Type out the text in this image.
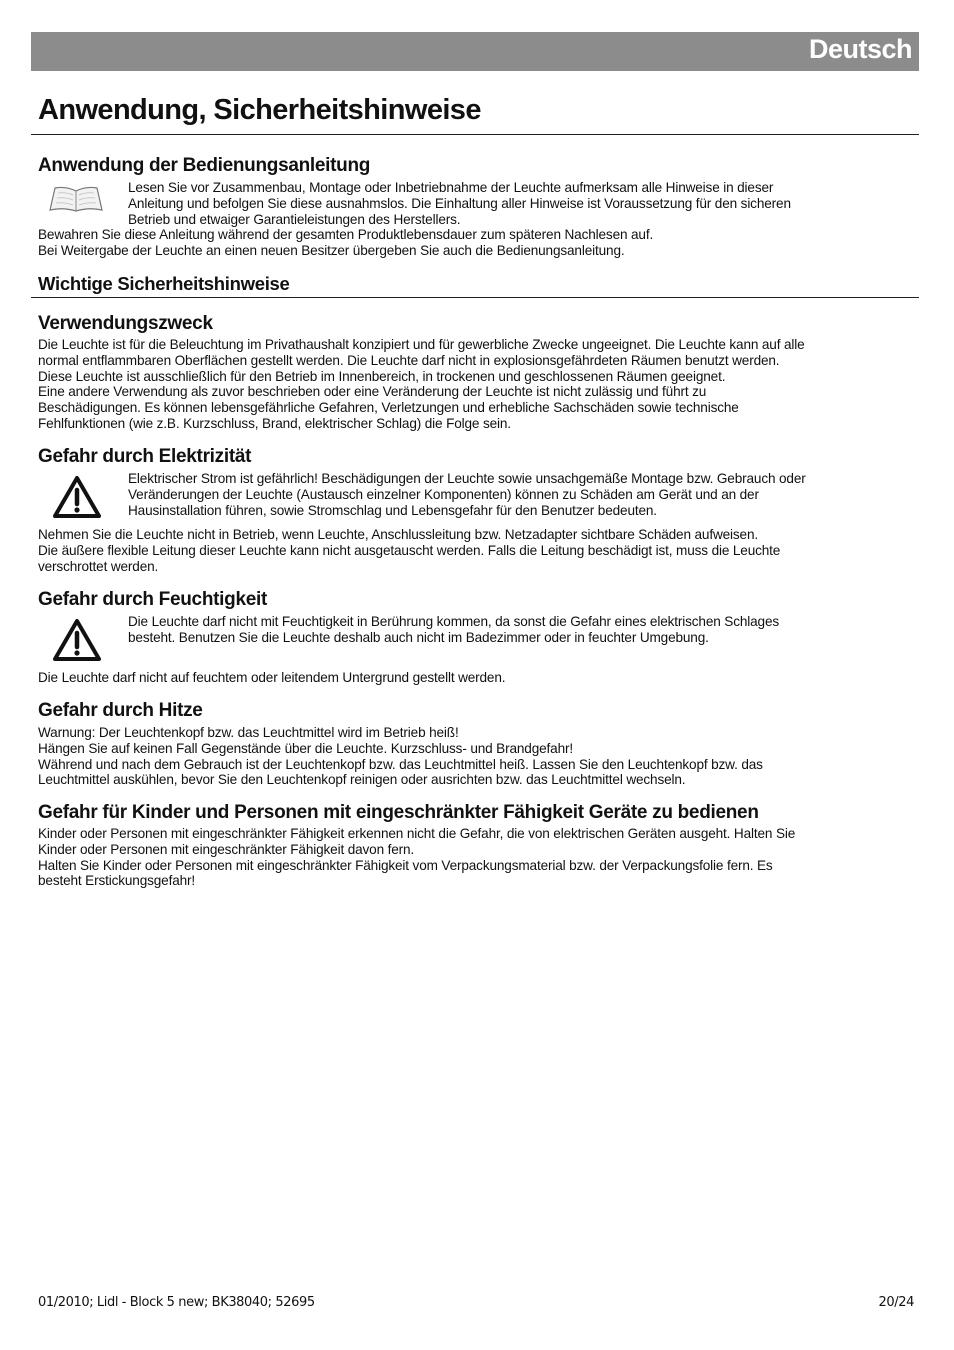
Deutsch
Anwendung, Sicherheitshinweise
Anwendung der Bedienungsanleitung

Lesen Sie vor Zusammenbau, Montage oder Inbetriebnahme der Leuchte aufmerksam alle Hinweise in dieser

Anleitung und befolgen Sie diese ausnahmslos. Die Einhaltung aller Hinweise ist Voraussetzung für den sicheren

Betrieb und etwaiger Garantieleistungen des Herstellers.

Bewahren Sie diese Anleitung während der gesamten Produktlebensdauer zum späteren Nachlesen auf.

Bei Weitergabe der Leuchte an einen neuen Besitzer übergeben Sie auch die Bedienungsanleitung.

Wichtige Sicherheitshinweise
Verwendungszweck

Die Leuchte ist für die Beleuchtung im Privathaushalt konzipiert und für gewerbliche Zwecke ungeeignet. Die Leuchte kann auf alle

normal entflammbaren Oberflächen gestellt werden. Die Leuchte darf nicht in explosionsgefährdeten Räumen benutzt werden.

Diese Leuchte ist ausschließlich für den Betrieb im Innenbereich, in trockenen und geschlossenen Räumen geeignet.

Eine andere Verwendung als zuvor beschrieben oder eine Veränderung der Leuchte ist nicht zulässig und führt zu

Beschädigungen. Es können lebensgefährliche Gefahren, Verletzungen und erhebliche Sachschäden sowie technische

Fehlfunktionen (wie z.B. Kurzschluss, Brand, elektrischer Schlag) die Folge sein.

Gefahr durch Elektrizität

Elektrischer Strom ist gefährlich! Beschädigungen der Leuchte sowie unsachgemäße Montage bzw. Gebrauch oder

Veränderungen der Leuchte (Austausch einzelner Komponenten) können zu Schäden am Gerät und an der

Hausinstallation führen, sowie Stromschlag und Lebensgefahr für den Benutzer bedeuten.

Nehmen Sie die Leuchte nicht in Betrieb, wenn Leuchte, Anschlussleitung bzw. Netzadapter sichtbare Schäden aufweisen.

Die äußere flexible Leitung dieser Leuchte kann nicht ausgetauscht werden. Falls die Leitung beschädigt ist, muss die Leuchte

verschrottet werden.

Gefahr durch Feuchtigkeit

Die Leuchte darf nicht mit Feuchtigkeit in Berührung kommen, da sonst die Gefahr eines elektrischen Schlages

besteht. Benutzen Sie die Leuchte deshalb auch nicht im Badezimmer oder in feuchter Umgebung.

Die Leuchte darf nicht auf feuchtem oder leitendem Untergrund gestellt werden.

Gefahr durch Hitze

Warnung: Der Leuchtenkopf bzw. das Leuchtmittel wird im Betrieb heiß!

Hängen Sie auf keinen Fall Gegenstände über die Leuchte. Kurzschluss- und Brandgefahr!

Während und nach dem Gebrauch ist der Leuchtenkopf bzw. das Leuchtmittel heiß. Lassen Sie den Leuchtenkopf bzw. das

Leuchtmittel auskühlen, bevor Sie den Leuchtenkopf reinigen oder ausrichten bzw. das Leuchtmittel wechseln.

Gefahr für Kinder und Personen mit eingeschränkter Fähigkeit Geräte zu bedienen

Kinder oder Personen mit eingeschränkter Fähigkeit erkennen nicht die Gefahr, die von elektrischen Geräten ausgeht. Halten Sie

Kinder oder Personen mit eingeschränkter Fähigkeit davon fern.

Halten Sie Kinder oder Personen mit eingeschränkter Fähigkeit vom Verpackungsmaterial bzw. der Verpackungsfolie fern. Es

besteht Erstickungsgefahr!

01/2010; Lidl - Block 5 new; BK38040; 52695	20/24
